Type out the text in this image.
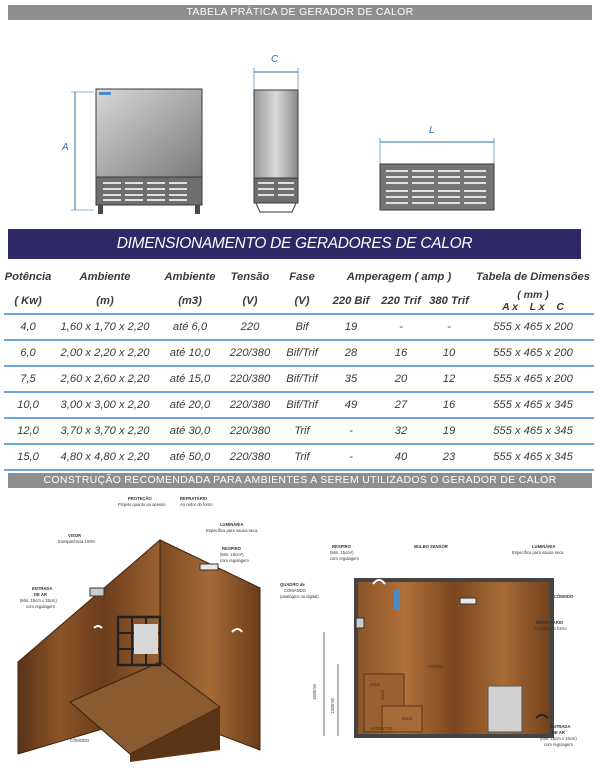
TABELA PRÁTICA DE GERADOR DE CALOR
A
C
L
DIMENSIONAMENTO DE GERADORES DE CALOR
Potência	Ambiente	Ambiente	Tensão	Fase	Amperagem ( amp )			Tabela de Dimensões
( Kw)	(m)	(m3)	(V)	(V)	220 Bif	220 Trif	380 Trif	( mm )
A x    L x    C

4,0	1,60 x 1,70 x 2,20	até 6,0	220	Bif	19	-	-	555 x 465 x 200
6,0	2,00 x 2,20 x 2,20	até 10,0	220/380	Bif/Trif	28	16	10	555 x 465 x 200
7,5	2,60 x 2,60 x 2,20	até 15,0	220/380	Bif/Trif	35	20	12	555 x 465 x 200
10,0	3,00 x 3,00 x 2,20	até 20,0	220/380	Bif/Trif	49	27	16	555 x 465 x 345
12,0	3,70 x 3,70 x 2,20	até 30,0	220/380	Trif	-	32	19	555 x 465 x 345
15,0	4,80 x 4,80 x 2,20	até 50,0	220/380	Trif	-	40	23	555 x 465 x 345
CONSTRUÇÃO RECOMENDADA PARA AMBIENTES A SEREM UTILIZADOS O GERADOR DE CALOR
PROTEÇÃO
Projeto quanto ao acesso
REFRATÁRIO
Ao redor do forno
VISOR
transparência 100%
LUMINÁRIA
Específica para sauna seca
RESPIRO
(Min. 15cm²)
com regulagem
ENTRADA
DE AR
(Min. 15cm x 15cm)
com regulagem
CÔMODO
RESPIRO
(Min. 15cm²)
com regulagem
BULBO SENSOR	LUMINÁRIA
Específica para sauna seca
QUADRO de
COMANDO
(analógico ou digital)	CÔMODO
REFRATÁRIO
Ao redor do forno
FORNO
1600mm
1300mm
40cm
40cm
40cm
ASSENTOS	ENTRADA
DE AR
(Min. 15cm x 15cm)
com regulagem
